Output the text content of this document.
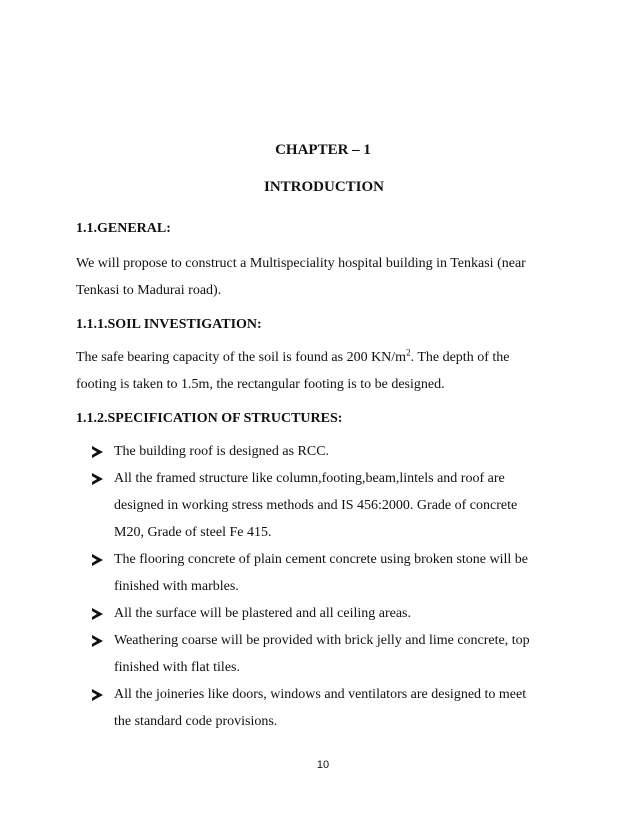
CHAPTER – 1
INTRODUCTION
1.1.GENERAL:
We will propose to construct a Multispeciality hospital building in Tenkasi (near
Tenkasi to Madurai road).
1.1.1.SOIL INVESTIGATION:
The safe bearing capacity of the soil is found as 200 $KN/m^2$. The depth of the
footing is taken to 1.5m, the rectangular footing is to be designed.
1.1.2.SPECIFICATION OF STRUCTURES:
The building roof is designed as RCC.
All the framed structure like column,footing,beam,lintels and roof are
designed in working stress methods and IS 456:2000. Grade of concrete
M20, Grade of steel Fe 415.
The flooring concrete of plain cement concrete using broken stone will be
finished with marbles.
All the surface will be plastered and all ceiling areas.
Weathering coarse will be provided with brick jelly and lime concrete, top
finished with flat tiles.
All the joineries like doors, windows and ventilators are designed to meet
the standard code provisions.
10
